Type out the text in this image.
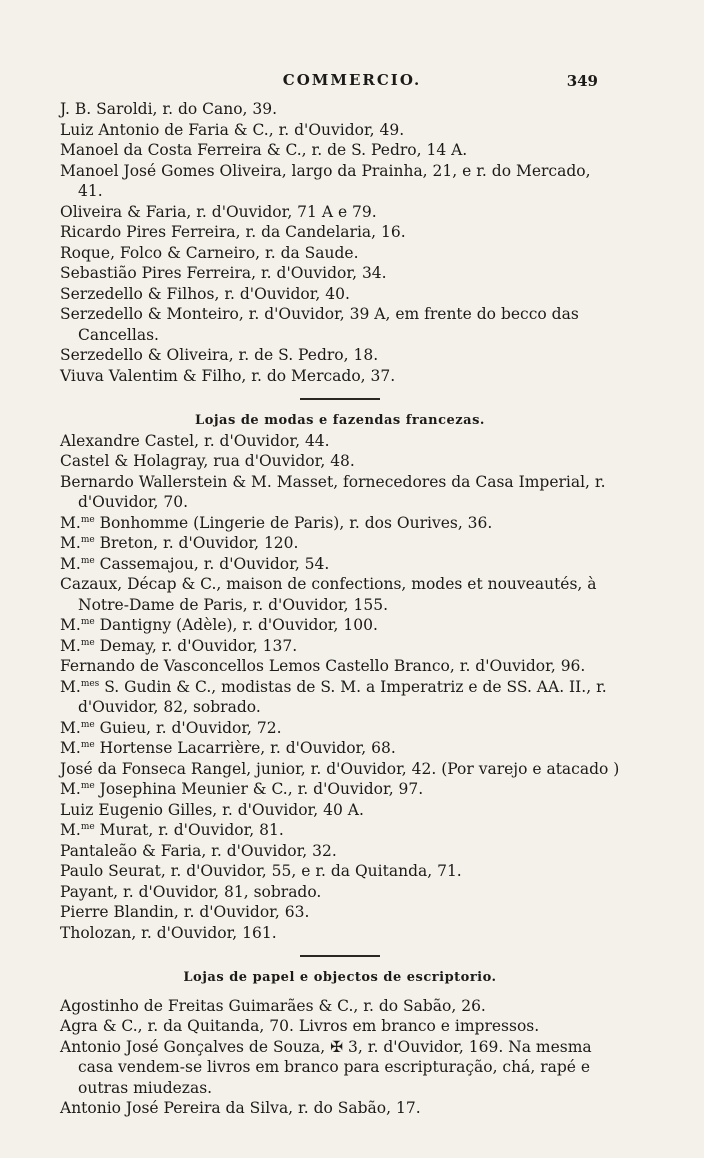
COMMERCIO.	349

J. B. Saroldi, r. do Cano, 39.

Luiz Antonio de Faria & C., r. d'Ouvidor, 49.

Manoel da Costa Ferreira & C., r. de S. Pedro, 14 A.

Manoel José Gomes Oliveira, largo da Prainha, 21, e r. do Mercado, 41.

Oliveira & Faria, r. d'Ouvidor, 71 A e 79.

Ricardo Pires Ferreira, r. da Candelaria, 16.

Roque, Folco & Carneiro, r. da Saude.

Sebastião Pires Ferreira, r. d'Ouvidor, 34.

Serzedello & Filhos, r. d'Ouvidor, 40.

Serzedello & Monteiro, r. d'Ouvidor, 39 A, em frente do becco das Cancellas.

Serzedello & Oliveira, r. de S. Pedro, 18.

Viuva Valentim & Filho, r. do Mercado, 37.

Lojas de modas e fazendas francezas.

Alexandre Castel, r. d'Ouvidor, 44.

Castel & Holagray, rua d'Ouvidor, 48.

Bernardo Wallerstein & M. Masset, fornecedores da Casa Imperial, r. d'Ouvidor, 70.

M.$^{me}$ Bonhomme (Lingerie de Paris), r. dos Ourives, 36.

M.$^{me}$ Breton, r. d'Ouvidor, 120.

M.$^{me}$ Cassemajou, r. d'Ouvidor, 54.

Cazaux, Décap & C., maison de confections, modes et nouveautés, à Notre-Dame de Paris, r. d'Ouvidor, 155.

M.$^{me}$ Dantigny (Adèle), r. d'Ouvidor, 100.

M.$^{me}$ Demay, r. d'Ouvidor, 137.

Fernando de Vasconcellos Lemos Castello Branco, r. d'Ouvidor, 96.

M.$^{mes}$ S. Gudin & C., modistas de S. M. a Imperatriz e de SS. AA. II., r. d'Ouvidor, 82, sobrado.

M.$^{me}$ Guieu, r. d'Ouvidor, 72.

M.$^{me}$ Hortense Lacarrière, r. d'Ouvidor, 68.

José da Fonseca Rangel, junior, r. d'Ouvidor, 42. (Por varejo e atacado )

M.$^{me}$ Josephina Meunier & C., r. d'Ouvidor, 97.

Luiz Eugenio Gilles, r. d'Ouvidor, 40 A.

M.$^{me}$ Murat, r. d'Ouvidor, 81.

Pantaleão & Faria, r. d'Ouvidor, 32.

Paulo Seurat, r. d'Ouvidor, 55, e r. da Quitanda, 71.

Payant, r. d'Ouvidor, 81, sobrado.

Pierre Blandin, r. d'Ouvidor, 63.

Tholozan, r. d'Ouvidor, 161.

Lojas de papel e objectos de escriptorio.

Agostinho de Freitas Guimarães & C., r. do Sabão, 26.

Agra & C., r. da Quitanda, 70. Livros em branco e impressos.

Antonio José Gonçalves de Souza, ✠ 3, r. d'Ouvidor, 169. Na mesma casa vendem-se livros em branco para escripturação, chá, rapé e outras miudezas.

Antonio José Pereira da Silva, r. do Sabão, 17.
